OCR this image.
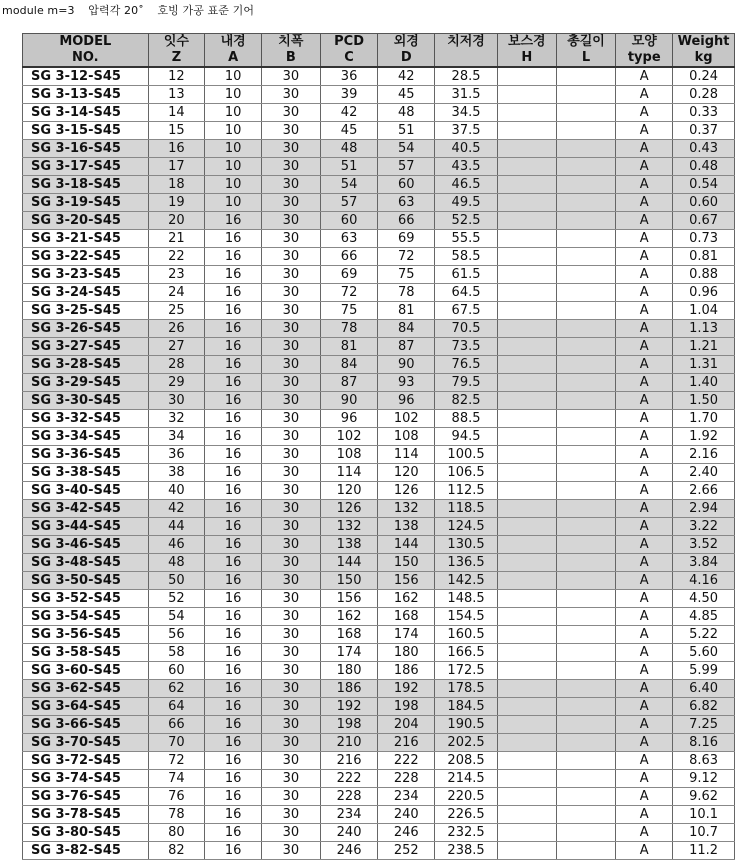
module m=3 압력각 20˚ 호빙 가공 표준 기어
MODEL	잇수	내경	치폭	PCD	외경	치저경	보스경	총길이	모양	Weight
NO.	Z	A	B	C	D		H	L	type	kg
SG 3-12-S45	12	10	30	36	42	28.5			A	0.24
SG 3-13-S45	13	10	30	39	45	31.5			A	0.28
SG 3-14-S45	14	10	30	42	48	34.5			A	0.33
SG 3-15-S45	15	10	30	45	51	37.5			A	0.37
SG 3-16-S45	16	10	30	48	54	40.5			A	0.43
SG 3-17-S45	17	10	30	51	57	43.5			A	0.48
SG 3-18-S45	18	10	30	54	60	46.5			A	0.54
SG 3-19-S45	19	10	30	57	63	49.5			A	0.60
SG 3-20-S45	20	16	30	60	66	52.5			A	0.67
SG 3-21-S45	21	16	30	63	69	55.5			A	0.73
SG 3-22-S45	22	16	30	66	72	58.5			A	0.81
SG 3-23-S45	23	16	30	69	75	61.5			A	0.88
SG 3-24-S45	24	16	30	72	78	64.5			A	0.96
SG 3-25-S45	25	16	30	75	81	67.5			A	1.04
SG 3-26-S45	26	16	30	78	84	70.5			A	1.13
SG 3-27-S45	27	16	30	81	87	73.5			A	1.21
SG 3-28-S45	28	16	30	84	90	76.5			A	1.31
SG 3-29-S45	29	16	30	87	93	79.5			A	1.40
SG 3-30-S45	30	16	30	90	96	82.5			A	1.50
SG 3-32-S45	32	16	30	96	102	88.5			A	1.70
SG 3-34-S45	34	16	30	102	108	94.5			A	1.92
SG 3-36-S45	36	16	30	108	114	100.5			A	2.16
SG 3-38-S45	38	16	30	114	120	106.5			A	2.40
SG 3-40-S45	40	16	30	120	126	112.5			A	2.66
SG 3-42-S45	42	16	30	126	132	118.5			A	2.94
SG 3-44-S45	44	16	30	132	138	124.5			A	3.22
SG 3-46-S45	46	16	30	138	144	130.5			A	3.52
SG 3-48-S45	48	16	30	144	150	136.5			A	3.84
SG 3-50-S45	50	16	30	150	156	142.5			A	4.16
SG 3-52-S45	52	16	30	156	162	148.5			A	4.50
SG 3-54-S45	54	16	30	162	168	154.5			A	4.85
SG 3-56-S45	56	16	30	168	174	160.5			A	5.22
SG 3-58-S45	58	16	30	174	180	166.5			A	5.60
SG 3-60-S45	60	16	30	180	186	172.5			A	5.99
SG 3-62-S45	62	16	30	186	192	178.5			A	6.40
SG 3-64-S45	64	16	30	192	198	184.5			A	6.82
SG 3-66-S45	66	16	30	198	204	190.5			A	7.25
SG 3-70-S45	70	16	30	210	216	202.5			A	8.16
SG 3-72-S45	72	16	30	216	222	208.5			A	8.63
SG 3-74-S45	74	16	30	222	228	214.5			A	9.12
SG 3-76-S45	76	16	30	228	234	220.5			A	9.62
SG 3-78-S45	78	16	30	234	240	226.5			A	10.1
SG 3-80-S45	80	16	30	240	246	232.5			A	10.7
SG 3-82-S45	82	16	30	246	252	238.5			A	11.2
